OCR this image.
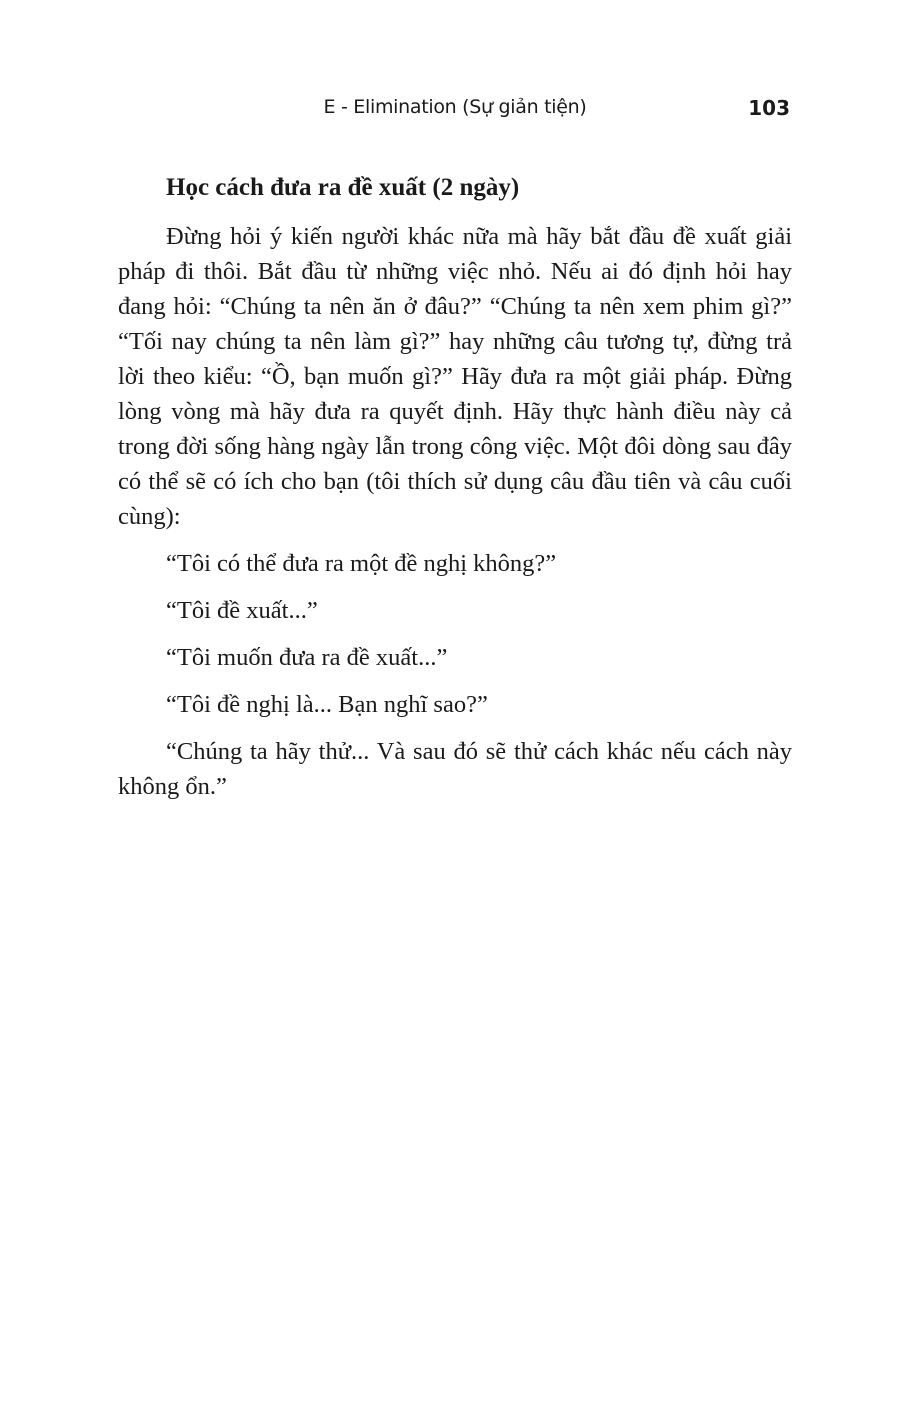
E - Elimination (Sự giản tiện)	103
Học cách đưa ra đề xuất (2 ngày)

Đừng hỏi ý kiến người khác nữa mà hãy bắt đầu đề xuất giải pháp đi thôi. Bắt đầu từ những việc nhỏ. Nếu ai đó định hỏi hay đang hỏi: “Chúng ta nên ăn ở đâu?” “Chúng ta nên xem phim gì?” “Tối nay chúng ta nên làm gì?” hay những câu tương tự, đừng trả lời theo kiểu: “Ồ, bạn muốn gì?” Hãy đưa ra một giải pháp. Đừng lòng vòng mà hãy đưa ra quyết định. Hãy thực hành điều này cả trong đời sống hàng ngày lẫn trong công việc. Một đôi dòng sau đây có thể sẽ có ích cho bạn (tôi thích sử dụng câu đầu tiên và câu cuối cùng):

“Tôi có thể đưa ra một đề nghị không?”

“Tôi đề xuất...”

“Tôi muốn đưa ra đề xuất...”

“Tôi đề nghị là... Bạn nghĩ sao?”

“Chúng ta hãy thử... Và sau đó sẽ thử cách khác nếu cách này không ổn.”
